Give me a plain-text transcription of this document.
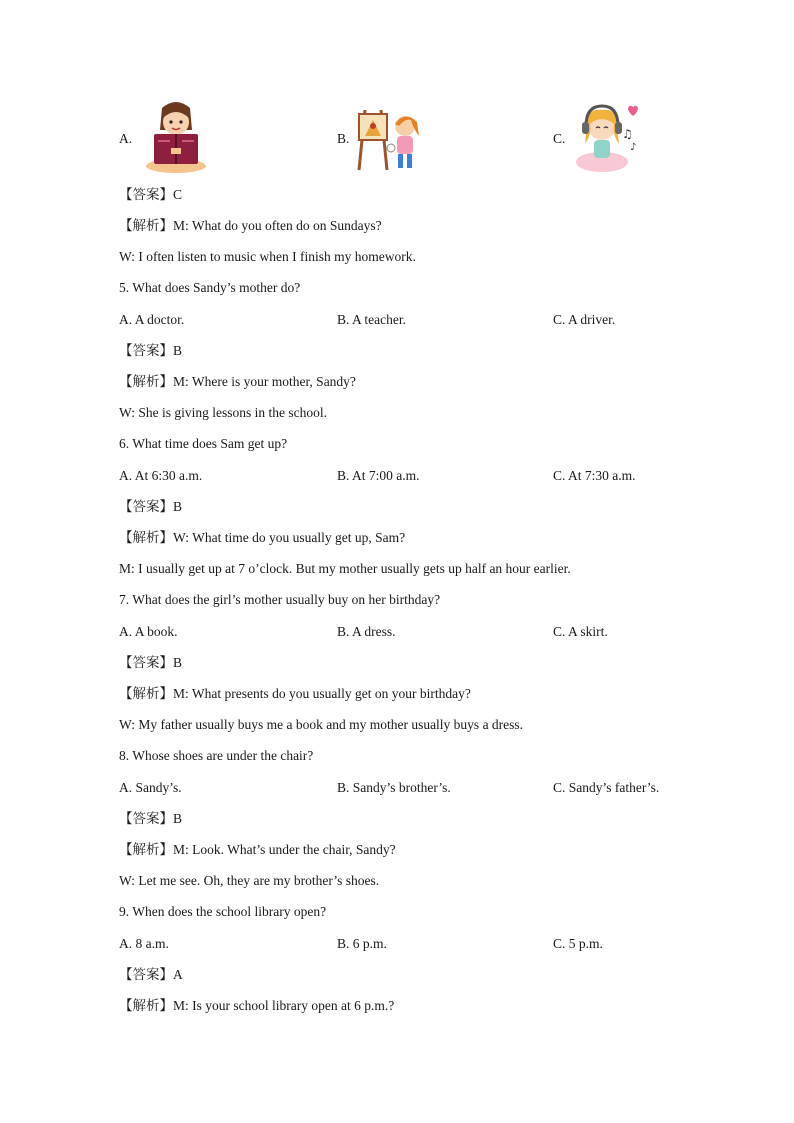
A.	B.	C.	♫
♪
【答案】C
【解析】M: What do you often do on Sundays?
W: I often listen to music when I finish my homework.
5. What does Sandy’s mother do?
A. A doctor.	B. A teacher.	C. A driver.
【答案】B
【解析】M: Where is your mother, Sandy?
W: She is giving lessons in the school.
6. What time does Sam get up?
A. At 6:30 a.m.	B. At 7:00 a.m.	C. At 7:30 a.m.
【答案】B
【解析】W: What time do you usually get up, Sam?
M: I usually get up at 7 o’clock. But my mother usually gets up half an hour earlier.
7. What does the girl’s mother usually buy on her birthday?
A. A book.	B. A dress.	C. A skirt.
【答案】B
【解析】M: What presents do you usually get on your birthday?
W: My father usually buys me a book and my mother usually buys a dress.
8. Whose shoes are under the chair?
A. Sandy’s.	B. Sandy’s brother’s.	C. Sandy’s father’s.
【答案】B
【解析】M: Look. What’s under the chair, Sandy?
W: Let me see. Oh, they are my brother’s shoes.
9. When does the school library open?
A. 8 a.m.	B. 6 p.m.	C. 5 p.m.
【答案】A
【解析】M: Is your school library open at 6 p.m.?
